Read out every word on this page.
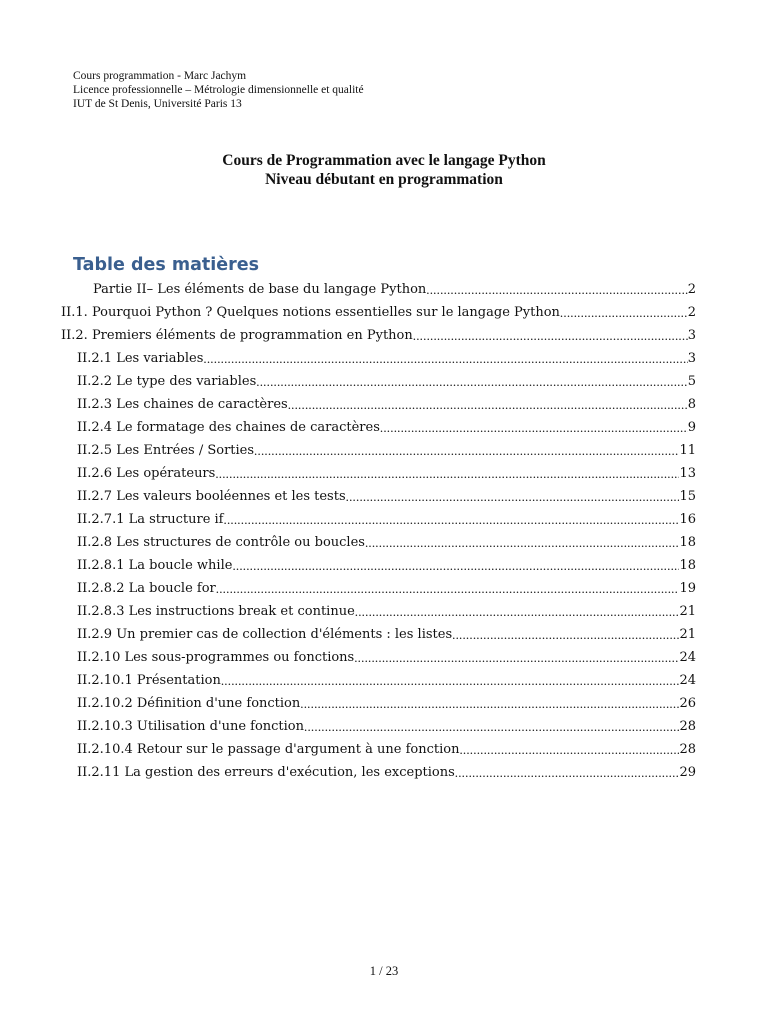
Cours programmation - Marc Jachym
Licence professionnelle – Métrologie dimensionnelle et qualité
IUT de St Denis, Université Paris 13
Cours de Programmation avec le langage Python
Niveau débutant en programmation
Table des matières
Partie II– Les éléments de base du langage Python .....	2
II.1. Pourquoi Python ? Quelques notions essentielles sur le langage Python .....	2
II.2. Premiers éléments de programmation en Python .....	3
II.2.1 Les variables .....	3
II.2.2 Le type des variables .....	5
II.2.3 Les chaines de caractères .....	8
II.2.4 Le formatage des chaines de caractères .....	9
II.2.5 Les Entrées / Sorties .....	11
II.2.6 Les opérateurs .....	13
II.2.7 Les valeurs booléennes et les tests .....	15
II.2.7.1 La structure if .....	16
II.2.8 Les structures de contrôle ou boucles .....	18
II.2.8.1 La boucle while .....	18
II.2.8.2 La boucle for .....	19
II.2.8.3 Les instructions break et continue .....	21
II.2.9 Un premier cas de collection d'éléments : les listes .....	21
II.2.10 Les sous-programmes ou fonctions .....	24
II.2.10.1 Présentation .....	24
II.2.10.2 Définition d'une fonction .....	26
II.2.10.3 Utilisation d'une fonction .....	28
II.2.10.4 Retour sur le passage d'argument à une fonction .....	28
II.2.11 La gestion des erreurs d'exécution, les exceptions .....	29
1 / 23
